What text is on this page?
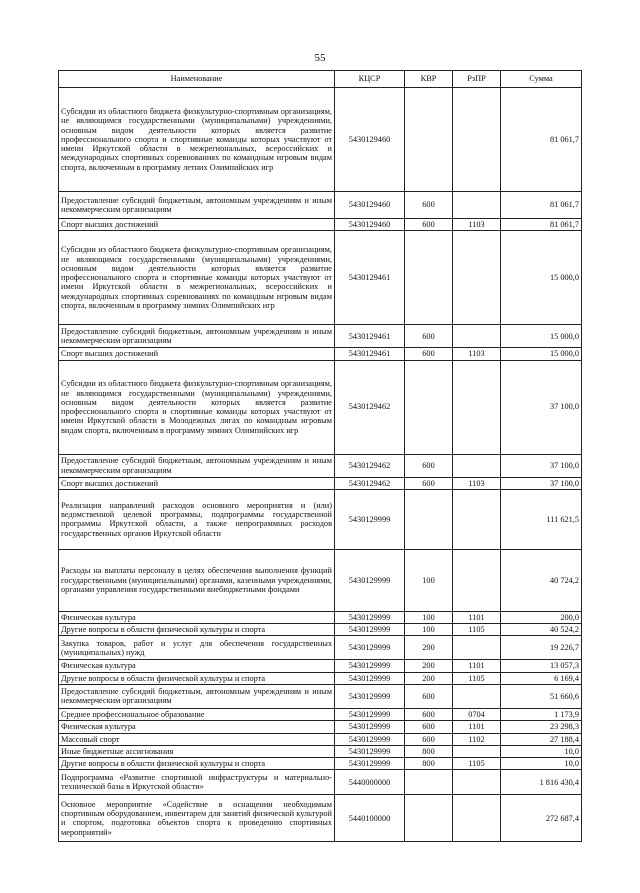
55
Наименование	КЦСР	КВР	РзПР	Сумма
Субсидии из областного бюджета физкультурно-спортивным организациям, не являющимся государственными (муниципальными) учреждениями, основным видом деятельности которых является развитие профессионального спорта и спортивные команды которых участвуют от имени Иркутской области в межрегиональных, всероссийских и международных спортивных соревнованиях по командным игровым видам спорта, включенным в программу летних Олимпийских игр	5430129460			81 061,7
Предоставление субсидий бюджетным, автономным учреждениям и иным некоммерческим организациям	5430129460	600		81 061,7
Спорт высших достижений	5430129460	600	1103	81 061,7
Субсидии из областного бюджета физкультурно-спортивным организациям, не являющимся государственными (муниципальными) учреждениями, основным видом деятельности которых является развитие профессионального спорта и спортивные команды которых участвуют от имени Иркутской области в межрегиональных, всероссийских и международных спортивных соревнованиях по командным игровым видам спорта, включенным в программу зимних Олимпийских игр	5430129461			15 000,0
Предоставление субсидий бюджетным, автономным учреждениям и иным некоммерческим организациям	5430129461	600		15 000,0
Спорт высших достижений	5430129461	600	1103	15 000,0
Субсидии из областного бюджета физкультурно-спортивным организациям, не являющимся государственными (муниципальными) учреждениями, основным видом деятельности которых является развитие профессионального спорта и спортивные команды которых участвуют от имени Иркутской области в Молодежных лигах по командным игровым видам спорта, включенным в программу зимних Олимпийских игр	5430129462			37 100,0
Предоставление субсидий бюджетным, автономным учреждениям и иным некоммерческим организациям	5430129462	600		37 100,0
Спорт высших достижений	5430129462	600	1103	37 100,0
Реализация направлений расходов основного мероприятия и (или) ведомственной целевой программы, подпрограммы государственной программы Иркутской области, а также непрограммных расходов государственных органов Иркутской области	5430129999			111 621,5
Расходы на выплаты персоналу в целях обеспечения выполнения функций государственными (муниципальными) органами, казенными учреждениями, органами управления государственными внебюджетными фондами	5430129999	100		40 724,2
Физическая культура	5430129999	100	1101	200,0
Другие вопросы в области физической культуры и спорта	5430129999	100	1105	40 524,2
Закупка товаров, работ и услуг для обеспечения государственных (муниципальных) нужд	5430129999	200		19 226,7
Физическая культура	5430129999	200	1101	13 057,3
Другие вопросы в области физической культуры и спорта	5430129999	200	1105	6 169,4
Предоставление субсидий бюджетным, автономным учреждениям и иным некоммерческим организациям	5430129999	600		51 660,6
Среднее профессиональное образование	5430129999	600	0704	1 173,9
Физическая культура	5430129999	600	1101	23 298,3
Массовый спорт	5430129999	600	1102	27 188,4
Иные бюджетные ассигнования	5430129999	800		10,0
Другие вопросы в области физической культуры и спорта	5430129999	800	1105	10,0
Подпрограмма «Развитие спортивной инфраструктуры и материально- технической базы в Иркутской области»	5440000000			1 816 430,4
Основное мероприятие «Содействие в оснащении необходимым спортивным оборудованием, инвентарем для занятий физической культурой и спортом, подготовка объектов спорта к проведению спортивных мероприятий»	5440100000			272 687,4
